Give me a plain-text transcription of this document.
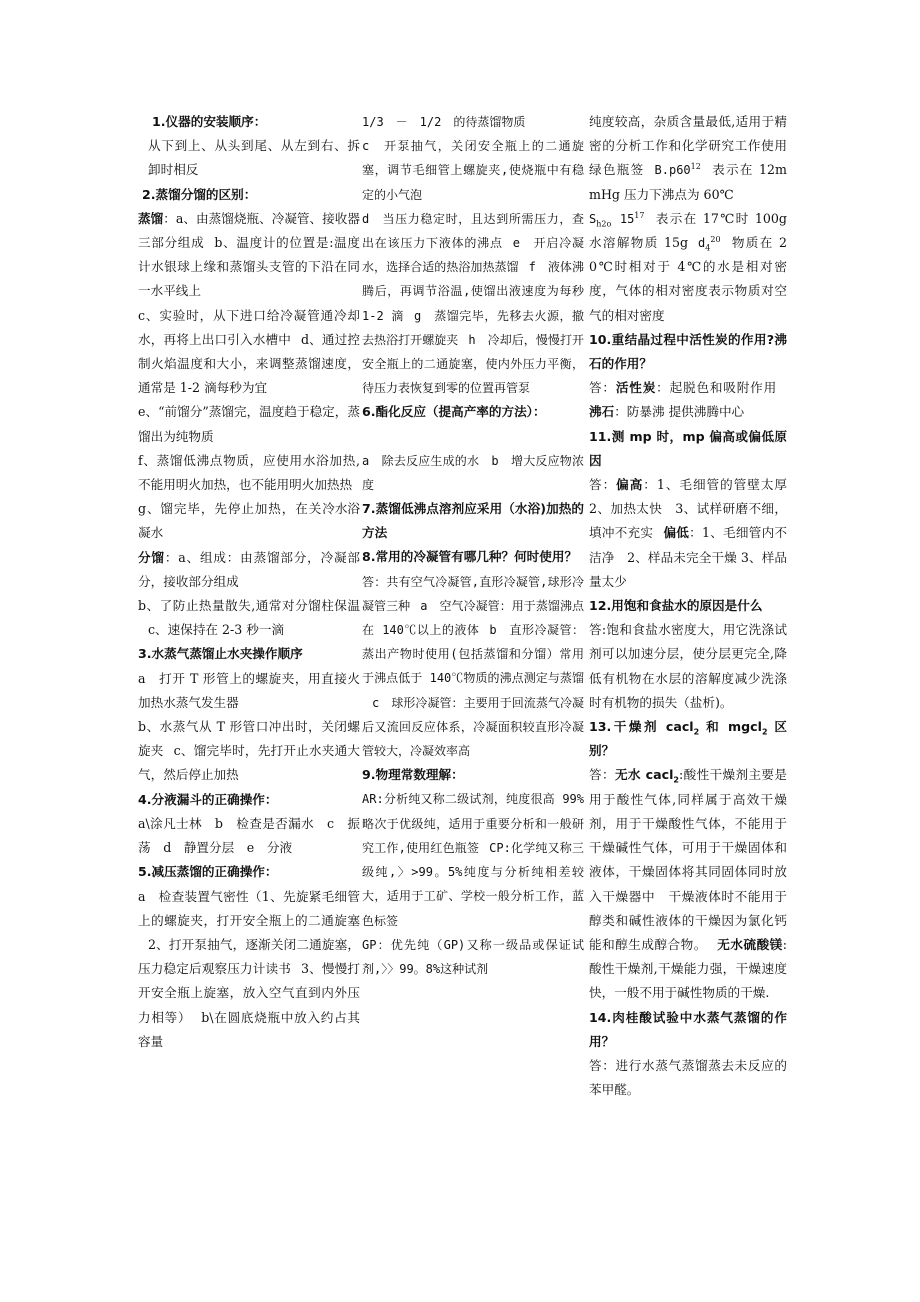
1.仪器的安装顺序：

从下到上、从头到尾、从左到右、拆卸时相反

2.蒸馏分馏的区别：

蒸馏：a、由蒸馏烧瓶、冷凝管、接收器三部分组成 b、温度计的位置是:温度计水银球上缘和蒸馏头支管的下沿在同一水平线上

c、实验时，从下进口给冷凝管通冷却水，再将上出口引入水槽中 d、通过控制火焰温度和大小，来调整蒸馏速度，通常是 1-2 滴每秒为宜

e、“前馏分”蒸馏完，温度趋于稳定，蒸馏出为纯物质

f、蒸馏低沸点物质，应使用水浴加热,不能用明火加热，也不能用明火加热热
水浴

g、馏完毕，先停止加热，在关冷凝水

分馏：a、组成：由蒸馏部分，冷凝部分，接收部分组成

b、了防止热量散失,通常对分馏柱保温c、速保持在 2-3 秒一滴

3.水蒸气蒸馏止水夹操作顺序

a　打开 T 形管上的螺旋夹，用直接火加热水蒸气发生器

b、水蒸气从 T 形管口冲出时，关闭螺旋夹 c、馏完毕时，先打开止水夹通大气，然后停止加热

4.分液漏斗的正确操作：

a\涂凡士林　b　检查是否漏水　c　振荡　d　静置分层　e　分液

5.减压蒸馏的正确操作：

a　检查装置气密性（1、先旋紧毛细管上的螺旋夹，打开安全瓶上的二通旋塞2、打开泵抽气，逐渐关闭二通旋塞，压力稳定后观察压力计读书 3、慢慢打开安全瓶上旋塞，放入空气直到内外压力相等） b\在圆底烧瓶中放入约占其容量

1/3　－　1/2　的待蒸馏物质

c　开泵抽气，关闭安全瓶上的二通旋塞，调节毛细管上螺旋夹,使烧瓶中有稳定的小气泡

d　当压力稳定时，且达到所需压力，查出在该压力下液体的沸点 e　开启冷凝水，选择合适的热浴加热蒸馏 f　液体沸腾后，再调节浴温,使馏出液速度为每秒 1-2 滴 g　蒸馏完毕，先移去火源，撤去热浴打开螺旋夹 h　冷却后，慢慢打开安全瓶上的二通旋塞，使内外压力平衡，待压力表恢复到零的位置再管泵

6.酯化反应（提高产率的方法）：

a　除去反应生成的水　b　增大反应物浓度

7.蒸馏低沸点溶剂应采用（水浴)加热的方法

8.常用的冷凝管有哪几种？何时使用？

答：共有空气冷凝管,直形冷凝管,球形冷凝管三种 a　空气冷凝管：用于蒸馏沸点在 140℃以上的液体 b　直形冷凝管：蒸出产物时使用(包括蒸馏和分馏）常用于沸点低于 140℃物质的沸点测定与蒸馏c　球形冷凝管：主要用于回流蒸气冷凝后又流回反应体系，冷凝面积较直形冷凝管较大，冷凝效率高

9.物理常数理解：

AR:分析纯又称二级试剂，纯度很高 99%略次于优级纯，适用于重要分析和一般研究工作,使用红色瓶签 CP:化学纯又称三级纯,〉>99。5%纯度与分析纯相差较大，适用于工矿、学校一般分析工作，蓝色标签
GP：优先纯（GP)又称一级品或保证试剂,〉〉99。8%这种试剂

纯度较高，杂质含量最低,适用于精密的分析工作和化学研究工作使用绿色瓶签 $B.p60^{12}$ 表示在 12mmHg 压力下沸点为 60℃
$S_{h2o}$ $15^{17}$ 表示在 17℃时 100g 水溶解物质 15g $d_4^{20}$ 物质在 20℃时相对于 4℃的水是相对密度，气体的相对密度表示物质对空气的相对密度

10.重结晶过程中活性炭的作用?沸石的作用？

答：活性炭：起脱色和吸附作用沸石：防暴沸 提供沸腾中心

11.测 mp 时，mp 偏高或偏低原因

答：偏高：1、毛细管的管壁太厚 2、加热太快　3、试样研磨不细，填冲不充实 偏低：1、毛细管内不洁净　2、样品未完全干燥 3、样品量太少

12.用饱和食盐水的原因是什么

答:饱和食盐水密度大，用它洗涤试剂可以加速分层，使分层更完全,降低有机物在水层的溶解度减少洗涤时有机物的损失（盐析)。

13.干燥剂 cacl$_2$ 和 mgcl$_2$ 区别？

答：无水 cacl$_2$:酸性干燥剂主要是用于酸性气体,同样属于高效干燥剂，用于干燥酸性气体，不能用于干燥碱性气体，可用于干燥固体和液体，干燥固体将其同固体同时放入干燥器中　干燥液体时不能用于醇类和碱性液体的干燥因为氯化钙能和醇生成醇合物。 无水硫酸镁:酸性干燥剂,干燥能力强，干燥速度快，一般不用于碱性物质的干燥.

14.肉桂酸试验中水蒸气蒸馏的作用？

答：进行水蒸气蒸馏蒸去未反应的苯甲醛。
